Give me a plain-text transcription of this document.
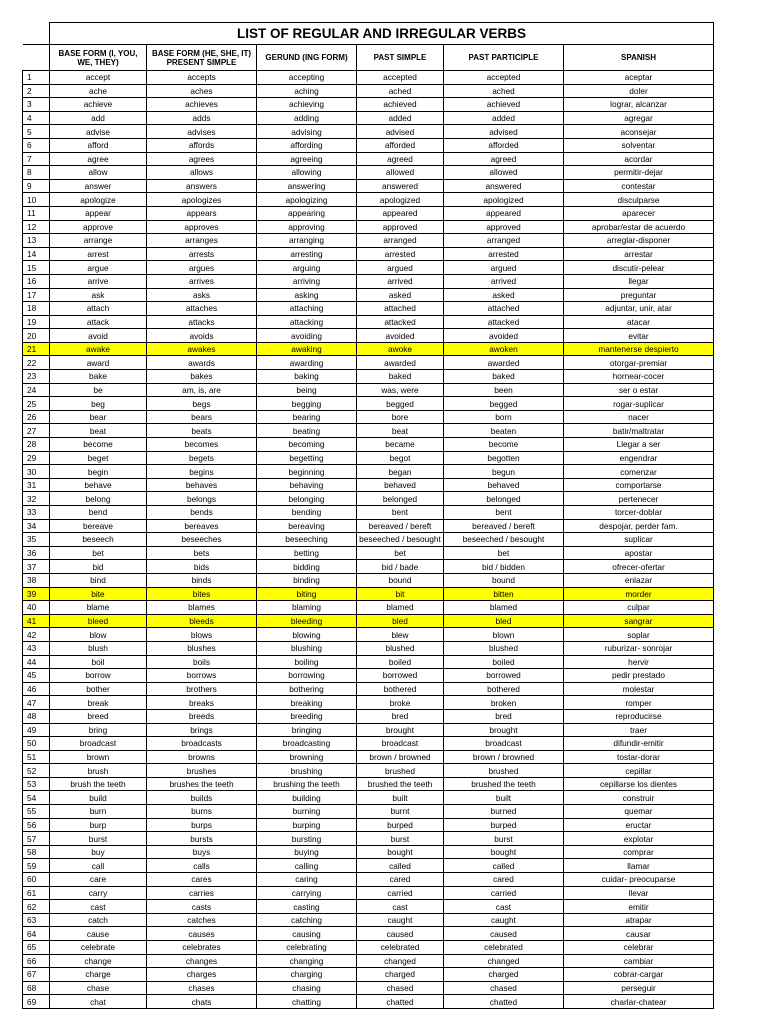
	LIST OF REGULAR AND IRREGULAR VERBS					
	BASE FORM (I, YOU, WE, THEY)	BASE FORM (HE, SHE, IT) PRESENT SIMPLE	GERUND (ING FORM)	PAST SIMPLE	PAST PARTICIPLE	SPANISH
1	accept	accepts	accepting	accepted	accepted	aceptar
2	ache	aches	aching	ached	ached	doler
3	achieve	achieves	achieving	achieved	achieved	lograr, alcanzar
4	add	adds	adding	added	added	agregar
5	advise	advises	advising	advised	advised	aconsejar
6	afford	affords	affording	afforded	afforded	solventar
7	agree	agrees	agreeing	agreed	agreed	acordar
8	allow	allows	allowing	allowed	allowed	permitir-dejar
9	answer	answers	answering	answered	answered	contestar
10	apologize	apologizes	apologizing	apologized	apologized	disculparse
11	appear	appears	appearing	appeared	appeared	aparecer
12	approve	approves	approving	approved	approved	aprobar/estar de acuerdo
13	arrange	arranges	arranging	arranged	arranged	arreglar-disponer
14	arrest	arrests	arresting	arrested	arrested	arrestar
15	argue	argues	arguing	argued	argued	discutir-pelear
16	arrive	arrives	arriving	arrived	arrived	llegar
17	ask	asks	asking	asked	asked	preguntar
18	attach	attaches	attaching	attached	attached	adjuntar, unir, atar
19	attack	attacks	attacking	attacked	attacked	atacar
20	avoid	avoids	avoiding	avoided	avoided	evitar
21	awake	awakes	awaking	awoke	awoken	mantenerse despierto
22	award	awards	awarding	awarded	awarded	otorgar-premiar
23	bake	bakes	baking	baked	baked	hornear-cocer
24	be	am, is, are	being	was, were	been	ser o estar
25	beg	begs	begging	begged	begged	rogar-suplicar
26	bear	bears	bearing	bore	born	nacer
27	beat	beats	beating	beat	beaten	batir/maltratar
28	become	becomes	becoming	became	become	Llegar a ser
29	beget	begets	begetting	begot	begotten	engendrar
30	begin	begins	beginning	began	begun	comenzar
31	behave	behaves	behaving	behaved	behaved	comportarse
32	belong	belongs	belonging	belonged	belonged	pertenecer
33	bend	bends	bending	bent	bent	torcer-doblar
34	bereave	bereaves	bereaving	bereaved / bereft	bereaved / bereft	despojar, perder fam.
35	beseech	beseeches	beseeching	beseeched / besought	beseeched / besought	suplicar
36	bet	bets	betting	bet	bet	apostar
37	bid	bids	bidding	bid / bade	bid / bidden	ofrecer-ofertar
38	bind	binds	binding	bound	bound	enlazar
39	bite	bites	biting	bit	bitten	morder
40	blame	blames	blaming	blamed	blamed	culpar
41	bleed	bleeds	bleeding	bled	bled	sangrar
42	blow	blows	blowing	blew	blown	soplar
43	blush	blushes	blushing	blushed	blushed	ruburizar- sonrojar
44	boil	boils	boiling	boiled	boiled	hervir
45	borrow	borrows	borrowing	borrowed	borrowed	pedir prestado
46	bother	brothers	bothering	bothered	bothered	molestar
47	break	breaks	breaking	broke	broken	romper
48	breed	breeds	breeding	bred	bred	reproducirse
49	bring	brings	bringing	brought	brought	traer
50	broadcast	broadcasts	broadcasting	broadcast	broadcast	difundir-emitir
51	brown	browns	browning	brown / browned	brown / browned	tostar-dorar
52	brush	brushes	brushing	brushed	brushed	cepillar
53	brush the teeth	brushes the teeth	brushing the teeth	brushed the teeth	brushed the teeth	cepillarse los dientes
54	build	builds	building	built	built	construir
55	burn	burns	burning	burnt	burned	quemar
56	burp	burps	burping	burped	burped	eructar
57	burst	bursts	bursting	burst	burst	explotar
58	buy	buys	buying	bought	bought	comprar
59	call	calls	calling	called	called	llamar
60	care	cares	caring	cared	cared	cuidar- preocuparse
61	carry	carries	carrying	carried	carried	llevar
62	cast	casts	casting	cast	cast	emitir
63	catch	catches	catching	caught	caught	atrapar
64	cause	causes	causing	caused	caused	causar
65	celebrate	celebrates	celebrating	celebrated	celebrated	celebrar
66	change	changes	changing	changed	changed	cambiar
67	charge	charges	charging	charged	charged	cobrar-cargar
68	chase	chases	chasing	chased	chased	perseguir
69	chat	chats	chatting	chatted	chatted	charlar-chatear
